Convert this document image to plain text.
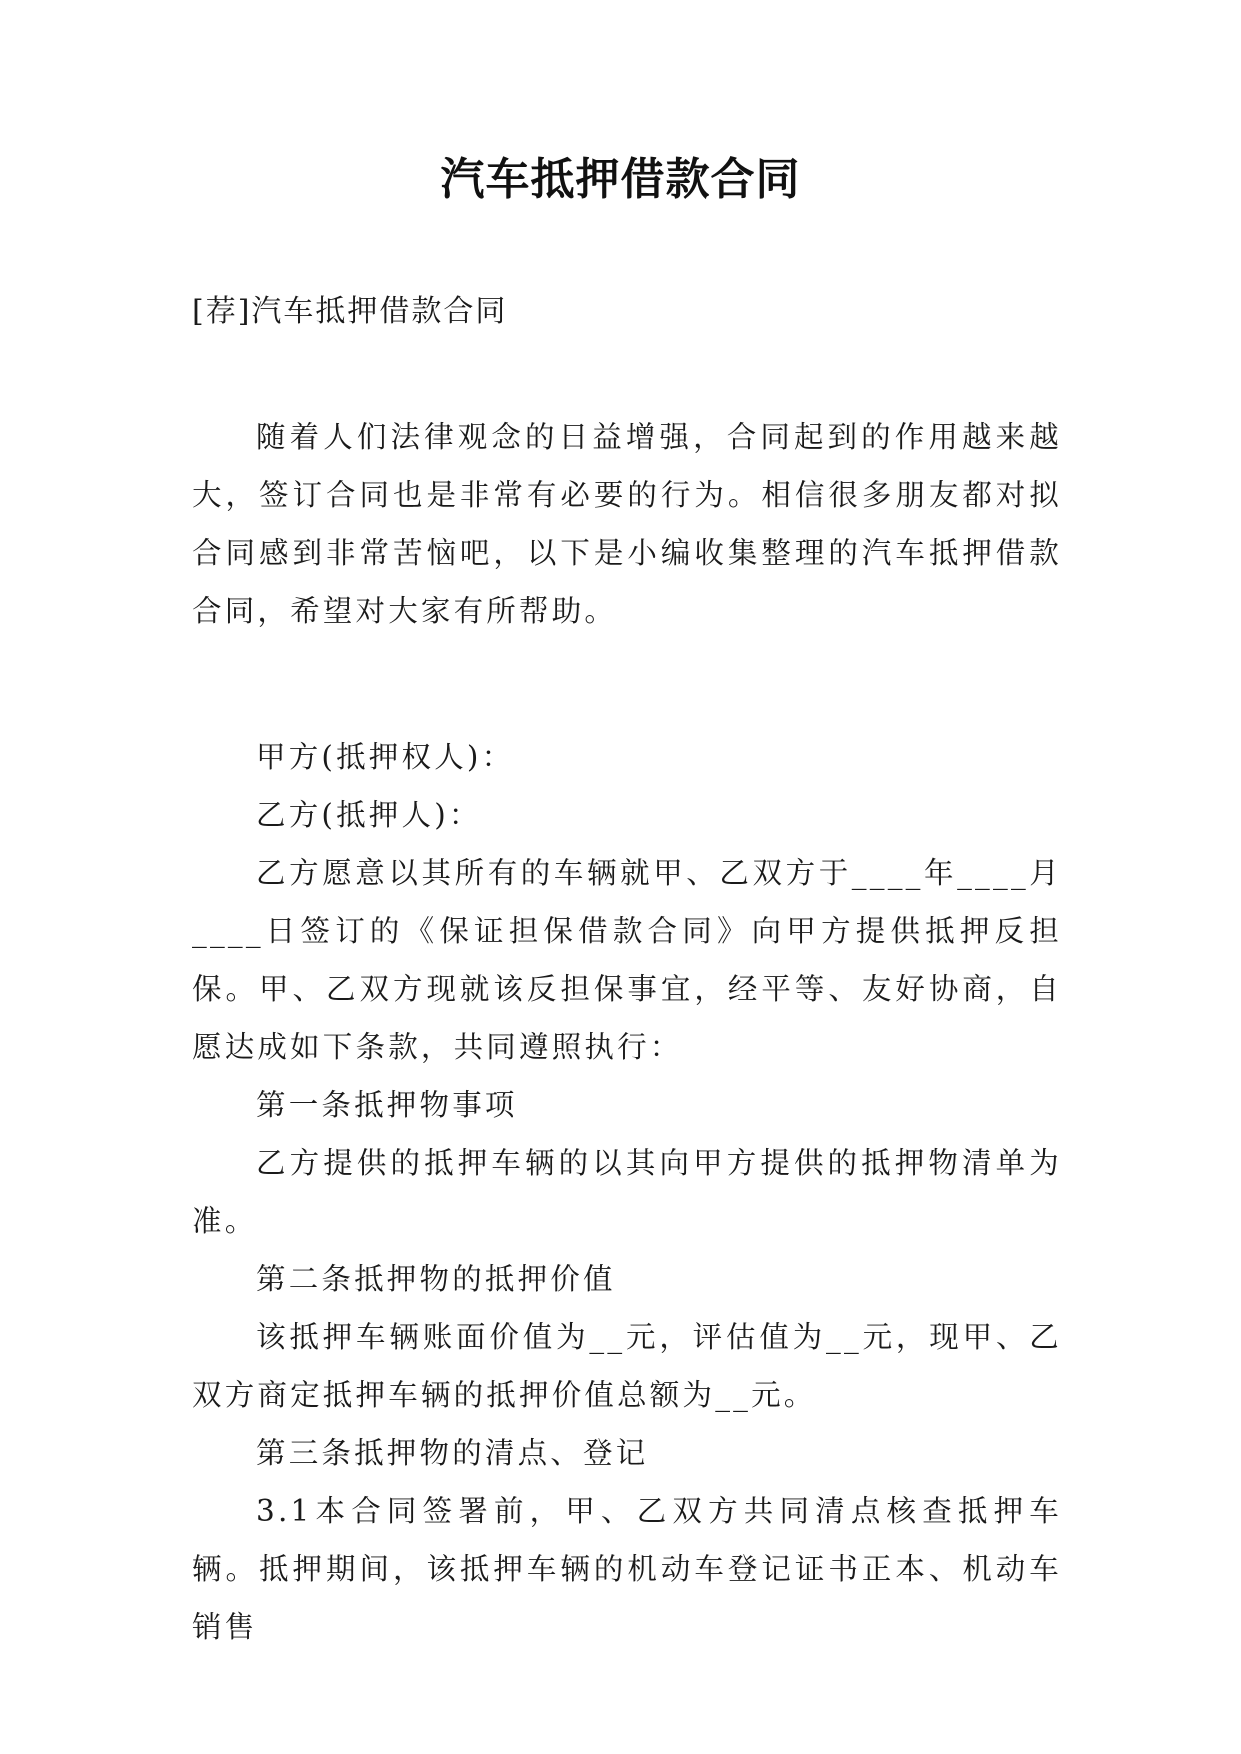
汽车抵押借款合同
[荐]汽车抵押借款合同

随着人们法律观念的日益增强，合同起到的作用越来越大，签订合同也是非常有必要的行为。相信很多朋友都对拟合同感到非常苦恼吧，以下是小编收集整理的汽车抵押借款合同，希望对大家有所帮助。

甲方(抵押权人)：

乙方(抵押人)：

乙方愿意以其所有的车辆就甲、乙双方于____年____月____日签订的《保证担保借款合同》向甲方提供抵押反担保。甲、乙双方现就该反担保事宜，经平等、友好协商，自愿达成如下条款，共同遵照执行：

第一条抵押物事项

乙方提供的抵押车辆的以其向甲方提供的抵押物清单为准。

第二条抵押物的抵押价值

该抵押车辆账面价值为__元，评估值为__元，现甲、乙双方商定抵押车辆的抵押价值总额为__元。

第三条抵押物的清点、登记

3.1本合同签署前，甲、乙双方共同清点核查抵押车辆。抵押期间，该抵押车辆的机动车登记证书正本、机动车销售
